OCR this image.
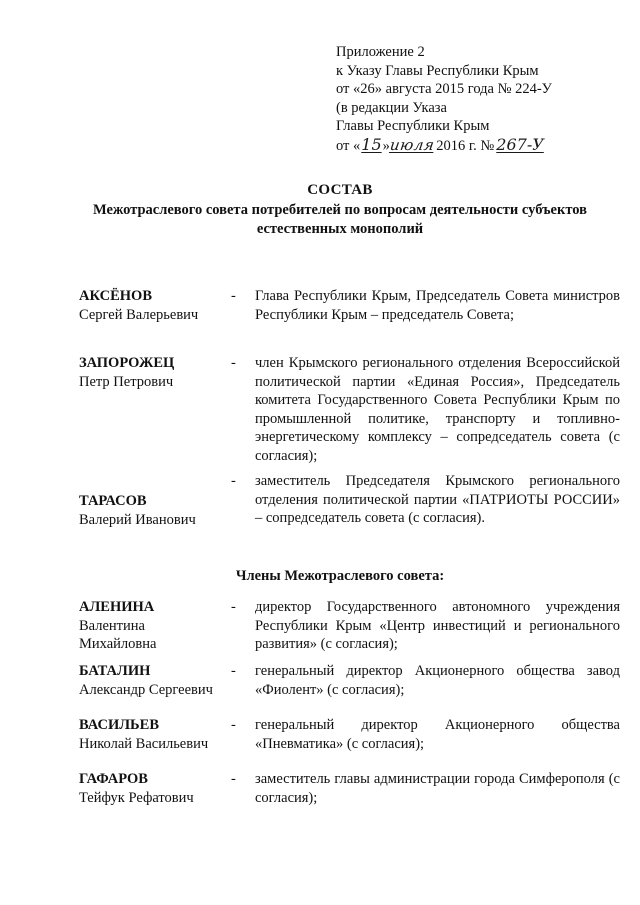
Приложение 2
к Указу Главы Республики Крым
от «26» августа 2015 года № 224-У
(в редакции Указа
Главы Республики Крым
от «15»июля2016 г. № 267-У
СОСТАВ
Межотраслевого совета потребителей по вопросам деятельности субъектов естественных монополий
АКСЁНОВ
Сергей Валерьевич
- Глава Республики Крым, Председатель Совета министров Республики Крым – председатель Совета;
ЗАПОРОЖЕЦ
Петр Петрович
- член Крымского регионального отделения Всероссийской политической партии «Единая Россия», Председатель комитета Государственного Совета Республики Крым по промышленной политике, транспорту и топливно-энергетическому комплексу – сопредседатель совета (с согласия);
ТАРАСОВ
Валерий Иванович
- заместитель Председателя Крымского регионального отделения политической партии «ПАТРИОТЫ РОССИИ» – сопредседатель совета (с согласия).
Члены Межотраслевого совета:
АЛЕНИНА
Валентина
Михайловна
- директор Государственного автономного учреждения Республики Крым «Центр инвестиций и регионального развития» (с согласия);
БАТАЛИН
Александр Сергеевич
- генеральный директор Акционерного общества завод «Фиолент» (с согласия);
ВАСИЛЬЕВ
Николай Васильевич
- генеральный директор Акционерного общества «Пневматика» (с согласия);
ГАФАРОВ
Тейфук Рефатович
- заместитель главы администрации города Симферополя (с согласия);
